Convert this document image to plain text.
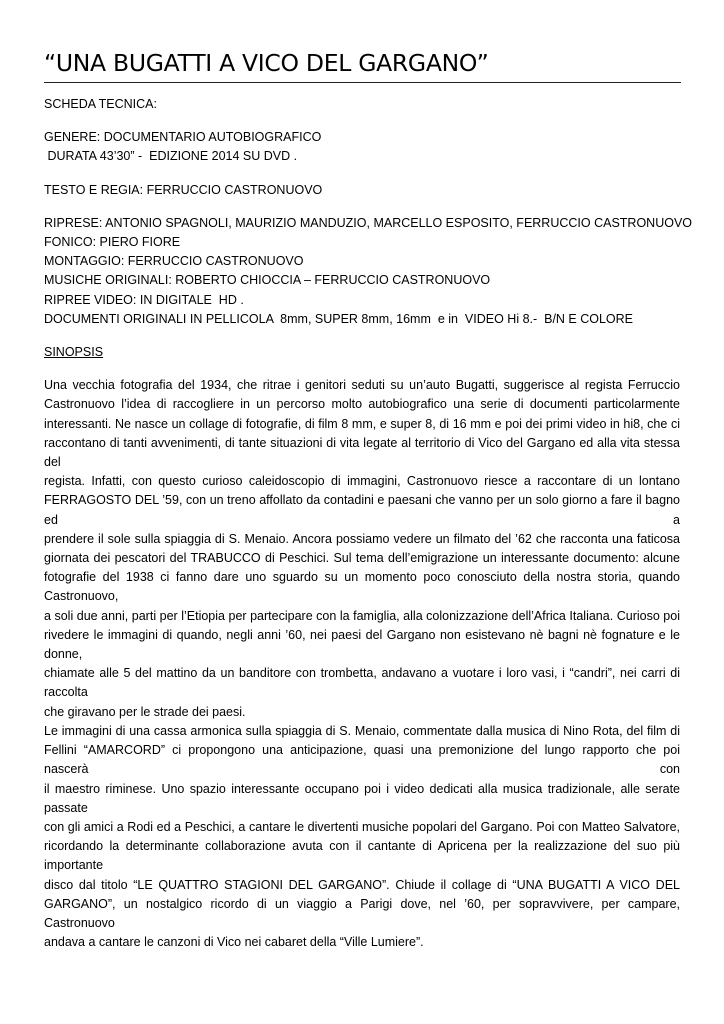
“UNA BUGATTI A VICO DEL GARGANO”
SCHEDA TECNICA:
GENERE: DOCUMENTARIO AUTOBIOGRAFICO
DURATA 43’30” -  EDIZIONE 2014 SU DVD .
TESTO E REGIA: FERRUCCIO CASTRONUOVO
RIPRESE: ANTONIO SPAGNOLI, MAURIZIO MANDUZIO, MARCELLO ESPOSITO, FERRUCCIO CASTRONUOVO
FONICO: PIERO FIORE
MONTAGGIO: FERRUCCIO CASTRONUOVO
MUSICHE ORIGINALI: ROBERTO CHIOCCIA – FERRUCCIO CASTRONUOVO
RIPREE VIDEO: IN DIGITALE  HD .
DOCUMENTI ORIGINALI IN PELLICOLA  8mm, SUPER 8mm, 16mm  e in  VIDEO Hi 8.-  B/N E COLORE
SINOPSIS
Una vecchia fotografia del 1934, che ritrae i genitori seduti su un’auto Bugatti, suggerisce al regista Ferruccio
Castronuovo l’idea di raccogliere in un percorso molto autobiografico una serie di documenti particolarmente
interessanti. Ne nasce un collage di fotografie, di film 8 mm, e super 8, di 16 mm e poi dei primi video in hi8, che ci
raccontano di tanti avvenimenti, di tante situazioni di vita legate al territorio di Vico del Gargano ed alla vita stessa del
regista. Infatti, con questo curioso caleidoscopio di immagini, Castronuovo riesce a raccontare di un lontano
FERRAGOSTO DEL ’59, con un treno affollato da contadini e paesani che vanno per un solo giorno a fare il bagno ed a
prendere il sole sulla spiaggia di S. Menaio. Ancora possiamo vedere un filmato del ’62 che racconta una faticosa
giornata dei pescatori del TRABUCCO di Peschici. Sul tema dell’emigrazione un interessante documento: alcune
fotografie del 1938 ci fanno dare uno sguardo su un momento poco conosciuto della nostra storia, quando Castronuovo,
a soli due anni, parti per l’Etiopia per partecipare con la famiglia, alla colonizzazione dell’Africa Italiana. Curioso poi
rivedere le immagini di quando, negli anni ’60, nei paesi del Gargano non esistevano nè bagni nè fognature e le donne,
chiamate alle 5 del mattino da un banditore con trombetta, andavano a vuotare i loro vasi, i “candri”, nei carri di raccolta
che giravano per le strade dei paesi.
Le immagini di una cassa armonica sulla spiaggia di S. Menaio, commentate dalla musica di Nino Rota, del film di
Fellini “AMARCORD” ci propongono una anticipazione, quasi una premonizione del lungo rapporto che poi nascerà con
il maestro riminese. Uno spazio interessante occupano poi i video dedicati alla musica tradizionale, alle serate passate
con gli amici a Rodi ed a Peschici, a cantare le divertenti musiche popolari del Gargano. Poi con Matteo Salvatore,
ricordando la determinante collaborazione avuta con il cantante di Apricena per la realizzazione del suo più importante
disco dal titolo “LE QUATTRO STAGIONI DEL GARGANO”. Chiude il collage di “UNA BUGATTI A VICO DEL
GARGANO”, un nostalgico ricordo di un viaggio a Parigi dove, nel ’60, per sopravvivere, per campare, Castronuovo
andava a cantare le canzoni di Vico nei cabaret della “Ville Lumiere”.
